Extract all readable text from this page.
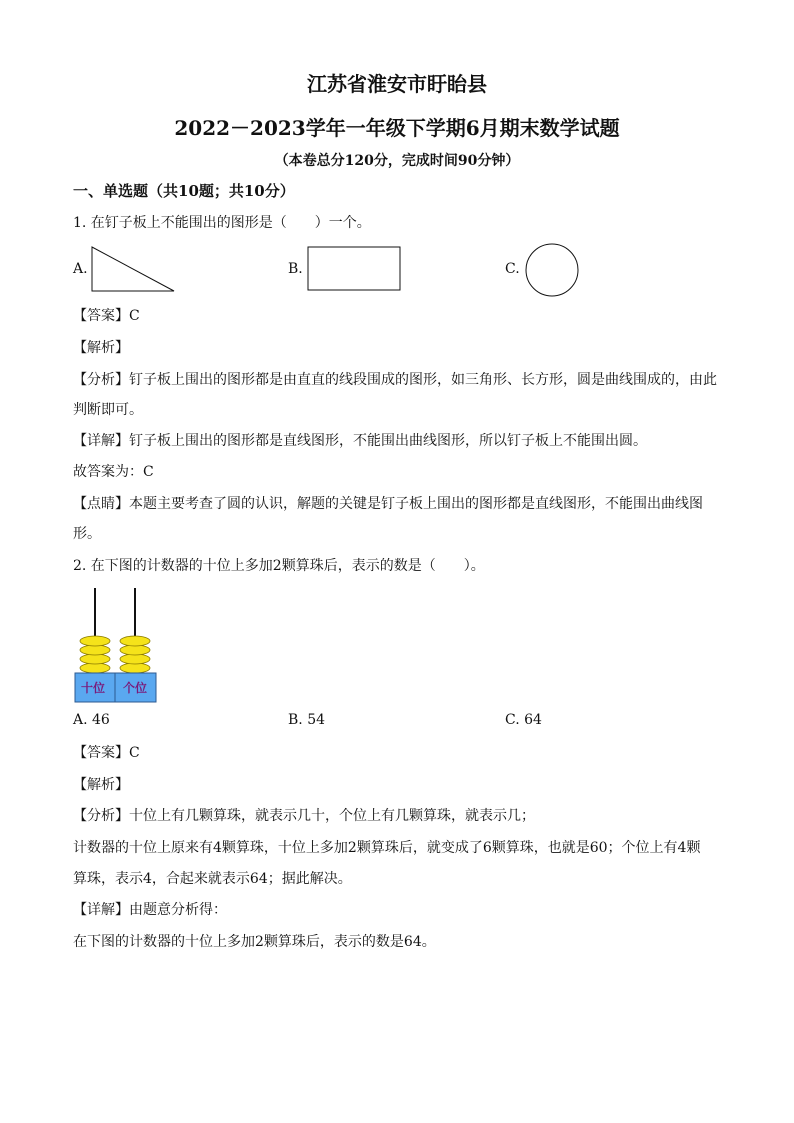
江苏省淮安市盱眙县
2022－2023学年一年级下学期6月期末数学试题
（本卷总分120分，完成时间90分钟）
一、单选题（共10题；共10分）
1. 在钉子板上不能围出的图形是（　　）一个。
A.	B.	C.
【答案】C
【解析】
【分析】钉子板上围出的图形都是由直直的线段围成的图形，如三角形、长方形，圆是曲线围成的，由此
判断即可。
【详解】钉子板上围出的图形都是直线图形，不能围出曲线图形，所以钉子板上不能围出圆。
故答案为：C
【点睛】本题主要考查了圆的认识，解题的关键是钉子板上围出的图形都是直线图形，不能围出曲线图
形。
2. 在下图的计数器的十位上多加2颗算珠后，表示的数是（　　）。
十位 个位
A. 46	B. 54	C. 64
【答案】C
【解析】
【分析】十位上有几颗算珠，就表示几十，个位上有几颗算珠，就表示几；
计数器的十位上原来有4颗算珠，十位上多加2颗算珠后，就变成了6颗算珠，也就是60；个位上有4颗
算珠，表示4，合起来就表示64；据此解决。
【详解】由题意分析得：
在下图的计数器的十位上多加2颗算珠后，表示的数是64。
